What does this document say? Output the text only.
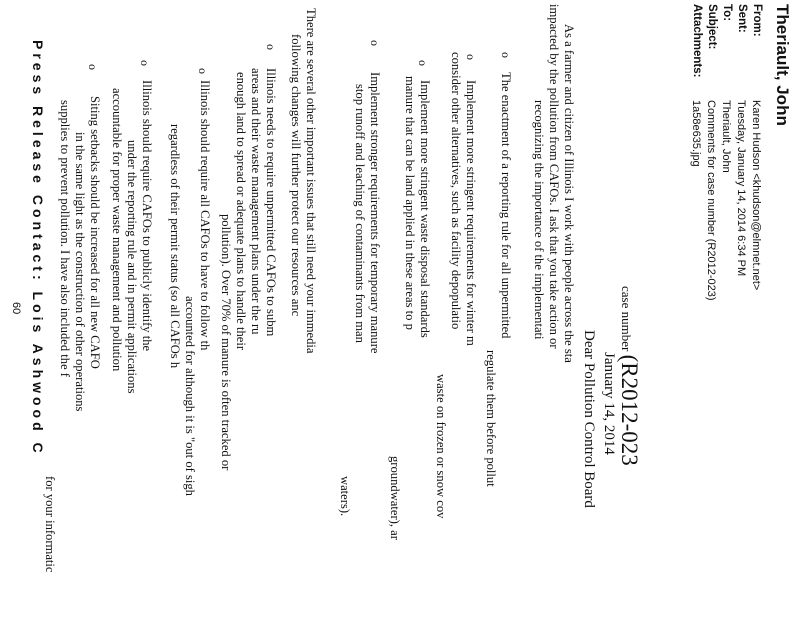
Theriault, John
From:
Karen Hudson <khudson@elmnet.net>
Sent:
Tuesday, January 14, 2014 6:34 PM
To:
Theriault, John
Subject:
Comments for case number (R2012-023)
Attachments:
1a58e635.jpg
case number (R2012-023
January 14, 2014
Dear Pollution Control Board
As a farmer and citizen of Illinois I work with people across the sta
impacted by the pollution from CAFOs. I ask that you take action or
recognizing the importance of the implementati
o
The enactment of a reporting rule for all unpermitted
regulate them before pollut
o
Implement more stringent requirements for winter m
consider other alternatives, such as facility depopulatio
waste on frozen or snow cov
o
Implement more stringent waste disposal standards
manure that can be land applied in these areas to p
groundwater), ar
o
Implement stronger requirements for temporary manure
stop runoff and leaching of contaminants from man
waters).
There are several other important issues that still need your immedia
following changes will further protect our resources anc
o
Illinois needs to require unpermitted CAFOs to subm
areas and their waste management plans under the ru
enough land to spread or adequate plans to handle their
pollution). Over 70% of manure is often tracked or
o
Illinois should require all CAFOs to have to follow th
accounted for although it is "out of sigh
regardless of their permit status (so all CAFOs h
o
Illinois should require CAFOs to publicly identify the
under the reporting rule and in permit applications
accountable for proper waste management and pollution
o
Siting setbacks should be increased for all new CAFO
in the same light as the construction of other operations
supplies to prevent pollution. I have also included the f
for your informatic
Press Release Contact: Lois Ashwood C
60
